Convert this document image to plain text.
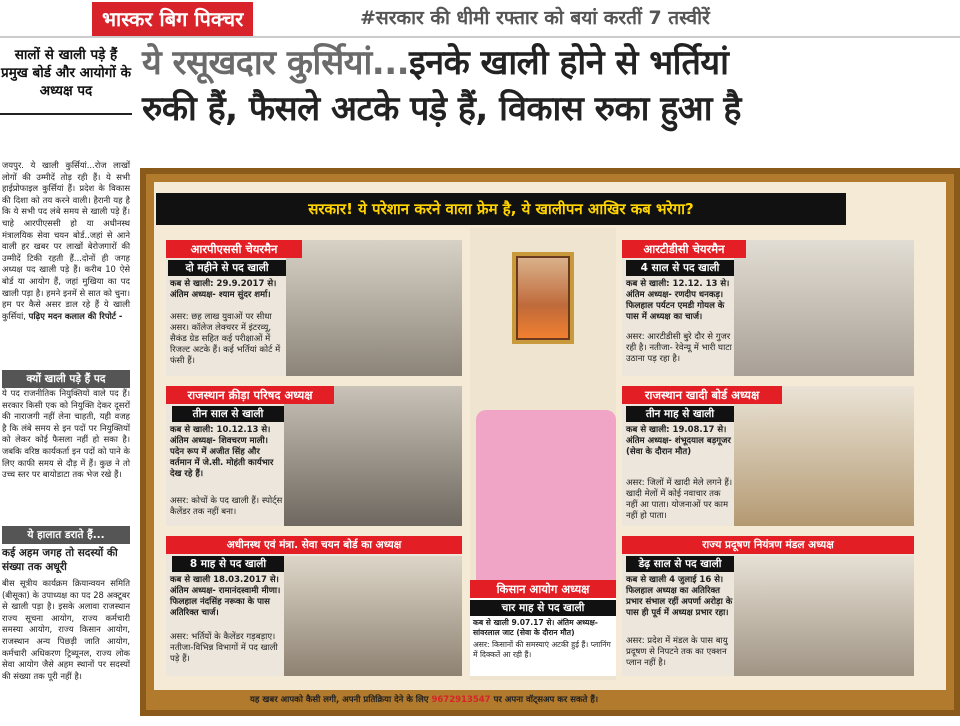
भास्कर बिग पिक्चर	#सरकार की धीमी रफ्तार को बयां करतीं 7 तस्वीरें
ये रसूखदार कुर्सियां...इनके खाली होने से भर्तियां
रुकी हैं, फैसले अटके पड़े हैं, विकास रुका हुआ है
सालों से खाली पड़े हैं प्रमुख बोर्ड और आयोगों के अध्यक्ष पद
जयपुर. ये खाली कुर्सियां...रोज लाखों लोगों की उम्मीदें तोड़ रही हैं। ये सभी हाईप्रोफाइल कुर्सियां हैं। प्रदेश के विकास की दिशा को तय करने वाली। हैरानी यह है कि ये सभी पद लंबे समय से खाली पड़े हैं। चाहे आरपीएससी हो या अधीनस्थ मंत्रालयिक सेवा चयन बोर्ड..जहां से आने वाली हर खबर पर लाखों बेरोजगारों की उम्मीदें टिकी रहती हैं...दोनों ही जगह अध्यक्ष पद खाली पड़े हैं। करीब 10 ऐसे बोर्ड या आयोग हैं, जहां मुखिया का पद खाली पड़ा है। हमने इनमें से सात को चुना। हम पर कैसे असर डाल रहे हैं ये खाली कुर्सियां, पढ़िए मदन कलाल की रिपोर्ट -
क्यों खाली पड़े हैं पद
ये पद राजनीतिक नियुक्तियों वाले पद हैं। सरकार किसी एक को नियुक्ति देकर दूसरों की नाराजगी नहीं लेना चाहती, यही वजह है कि लंबे समय से इन पदों पर नियुक्तियों को लेकर कोई फैसला नहीं हो सका है। जबकि वरिष्ठ कार्यकर्ता इन पदों को पाने के लिए काफी समय से दौड़ में हैं। कुछ ने तो उच्च स्तर पर बायोडाटा तक भेज रखे हैं।
ये हालात डराते हैं...
कई अहम जगह तो सदस्यों की संख्या तक अधूरी
बीस सूत्रीय कार्यक्रम क्रियान्वयन समिति (बीसूका) के उपाध्यक्ष का पद 28 अक्टूबर से खाली पड़ा है। इसके अलावा राजस्थान राज्य सूचना आयोग, राज्य कर्मचारी समस्या आयोग, राज्य किसान आयोग, राजस्थान अन्य पिछड़ी जाति आयोग, कर्मचारी अधिकरण ट्रिब्यूनल, राज्य लोक सेवा आयोग जैसे अहम स्थानों पर सदस्यों की संख्या तक पूरी नहीं है।
सरकार! ये परेशान करने वाला फ्रेम है, ये खालीपन आखिर कब भरेगा?
आरपीएससी चेयरमैन
दो महीने से पद खाली
कब से खाली: 29.9.2017 से। अंतिम अध्यक्ष- श्याम सुंदर शर्मा।
असर: छह लाख युवाओं पर सीधा असर। कॉलेज लेक्चरर में इंटरव्यू, सैकंड ग्रेड सहित कई परीक्षाओं में रिजल्ट अटके हैं। कई भर्तियां कोर्ट में फंसी हैं।
आरटीडीसी चेयरमैन
4 साल से पद खाली
कब से खाली: 12.12. 13 से। अंतिम अध्यक्ष- रणदीप धनकड़। फिलहाल पर्यटन एमडी गोयल के पास में अध्यक्ष का चार्ज।
असर: आरटीडीसी बुरे दौर से गुजर रही है। नतीजा- रेवेन्यू में भारी घाटा उठाना पड़ रहा है।
राजस्थान क्रीड़ा परिषद अध्यक्ष
तीन साल से खाली
कब से खाली: 10.12.13 से। अंतिम अध्यक्ष- शिवचरण माली। पदेन रूप में अजीत सिंह और वर्तमान में जे.सी. मोहंती कार्यभार देख रहे हैं।
असर: कोचों के पद खाली हैं। स्पोर्ट्स कैलेंडर तक नहीं बना।
राजस्थान खादी बोर्ड अध्यक्ष
तीन माह से खाली
कब से खाली: 19.08.17 से। अंतिम अध्यक्ष- शंभूदयाल बड़गूजर (सेवा के दौरान मौत)
असर: जिलों में खादी मेले लगने हैं। खादी मेलों में कोई नवाचार तक नहीं आ पाता। योजनाओं पर काम नहीं हो पाता।
अधीनस्थ एवं मंत्रा. सेवा चयन बोर्ड का अध्यक्ष
8 माह से पद खाली
कब से खाली 18.03.2017 से। अंतिम अध्यक्ष- रामानंदस्वामी मीणा। फिलहाल नंदसिंह नरूका के पास अतिरिक्त चार्ज।
असर: भर्तियों के कैलेंडर गड़बड़ाए। नतीजा-विभिन्न विभागों में पद खाली पड़े हैं।
किसान आयोग अध्यक्ष
चार माह से पद खाली
कब से खाली 9.07.17 से। अंतिम अध्यक्ष- सांवरलाल जाट (सेवा के दौरान मौत)
असर: किसानों की समस्याएं अटकी हुई हैं। प्लानिंग में दिक्कतें आ रही हैं।
राज्य प्रदूषण नियंत्रण मंडल अध्यक्ष
डेढ़ साल से पद खाली
कब से खाली 4 जुलाई 16 से। फिलहाल अध्यक्ष का अतिरिक्त प्रभार संभाल रहीं अपर्णा अरोड़ा के पास ही पूर्व में अध्यक्ष प्रभार रहा।
असर: प्रदेश में मंडल के पास बायु प्रदूषण से निपटने तक का एक्शन प्लान नहीं है।
यह खबर आपको कैसी लगी, अपनी प्रतिक्रिया देने के लिए 9672913547 पर अपना वॉट्सअप कर सकते हैं।
